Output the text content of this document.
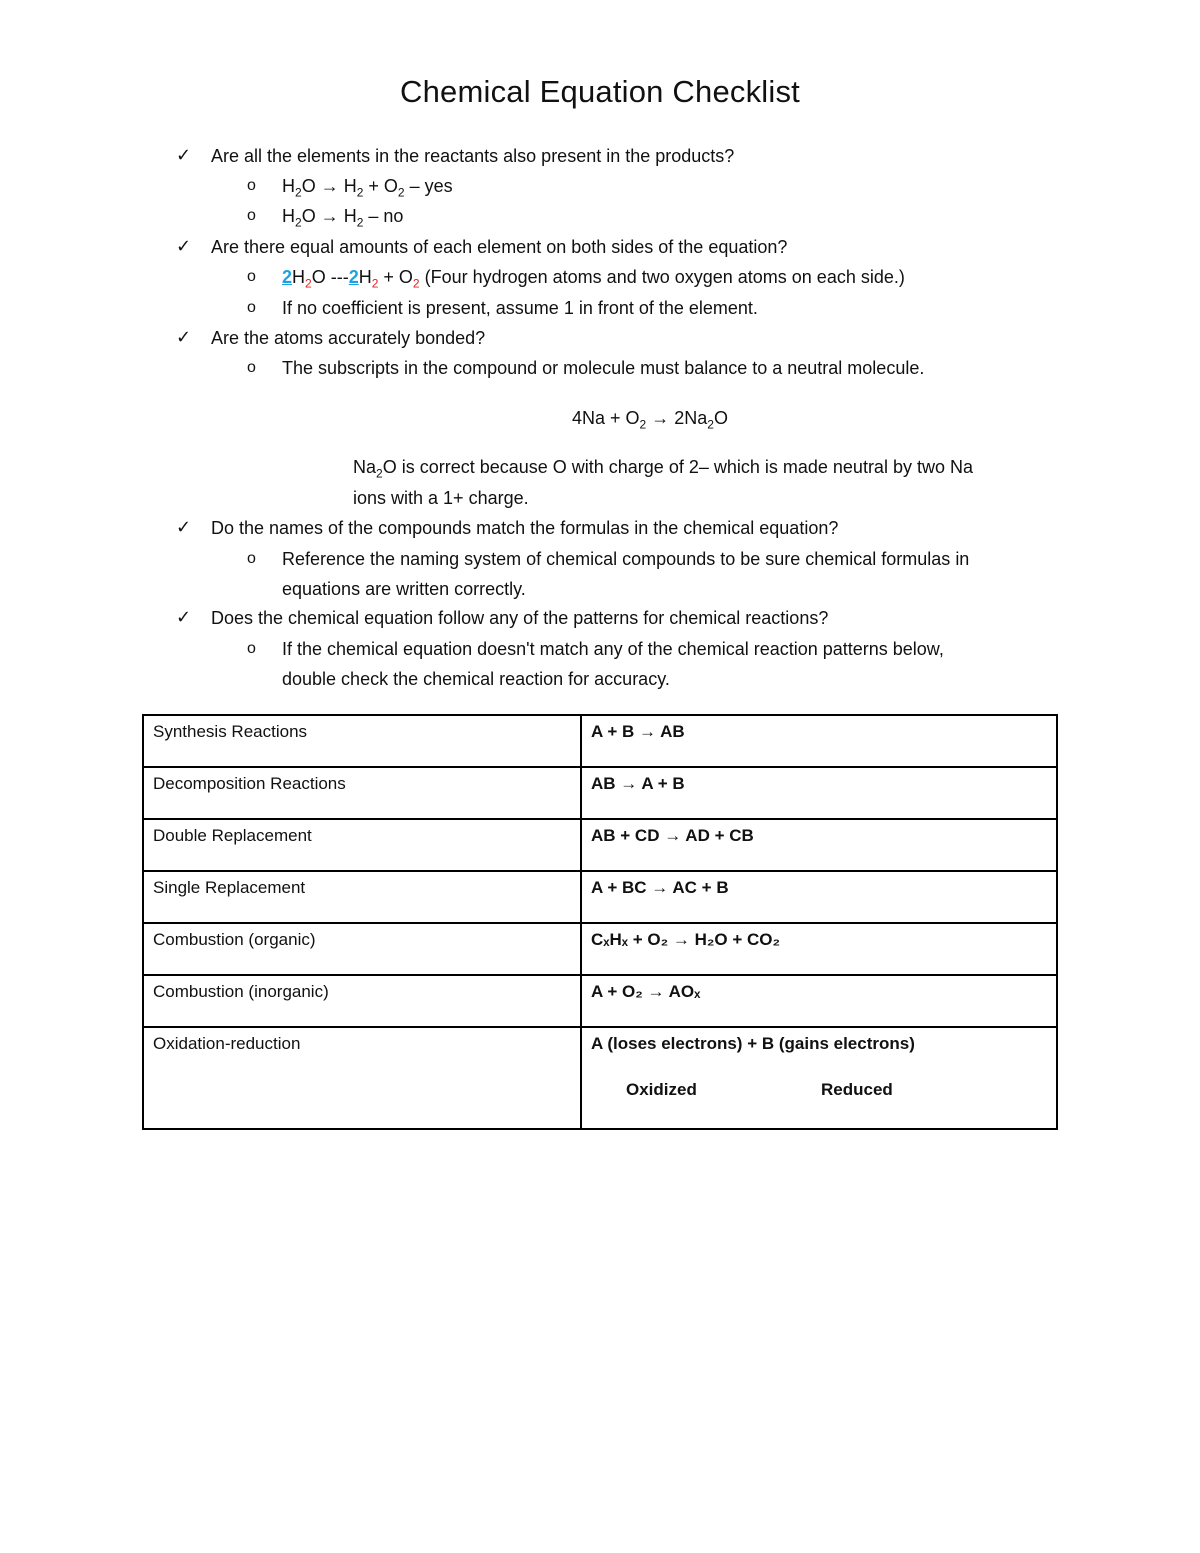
Chemical Equation Checklist
✓ Are all the elements in the reactants also present in the products?
o $H_2O \to H_2 + O_2$ – yes
o $H_2O \to H_2$ – no
✓ Are there equal amounts of each element on both sides of the equation?
o $2H_2O$ $---2H_2 + O_2$ (Four hydrogen atoms and two oxygen atoms on each side.)
o If no coefficient is present, assume 1 in front of the element.
✓ Are the atoms accurately bonded?
o The subscripts in the compound or molecule must balance to a neutral molecule.
$4Na + O_2 \to 2Na_2O$
$Na_2O$ is correct because O with charge of 2– which is made neutral by two Na
ions with a 1+ charge.
✓ Do the names of the compounds match the formulas in the chemical equation?
o Reference the naming system of chemical compounds to be sure chemical formulas in
equations are written correctly.
✓ Does the chemical equation follow any of the patterns for chemical reactions?
o If the chemical equation doesn't match any of the chemical reaction patterns below,
double check the chemical reaction for accuracy.
Synthesis Reactions	A + B → AB
Decomposition Reactions	AB → A + B
Double Replacement	AB + CD → AD + CB
Single Replacement	A + BC → AC + B
Combustion (organic)	CₓHₓ + O₂ → H₂O + CO₂
Combustion (inorganic)	A + O₂ → AOₓ
Oxidation-reduction	A (loses electrons) + B (gains electrons)
Oxidized Reduced
